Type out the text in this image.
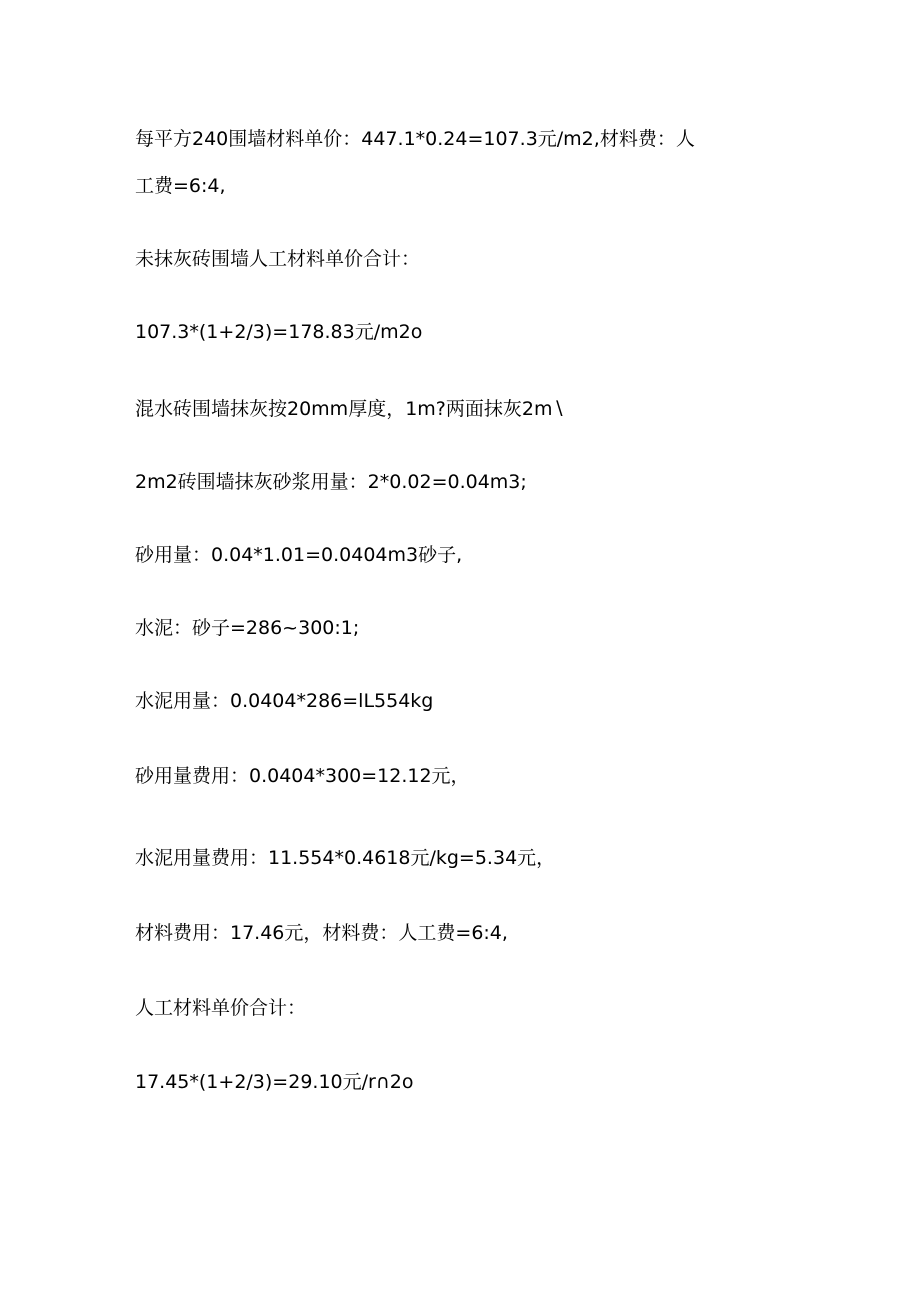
每平方240围墙材料单价：447.1*0.24=107.3元/m2,材料费：人

工费=6:4,

未抹灰砖围墙人工材料单价合计：

107.3*(1+2/3)=178.83元/m2o

混水砖围墙抹灰按20mm厚度，1m?两面抹灰2m∖

2m2砖围墙抹灰砂浆用量：2*0.02=0.04m3;

砂用量：0.04*1.01=0.0404m3砂子,

水泥：砂子=286~300:1;

水泥用量：0.0404*286=lL554kg

砂用量费用：0.0404*300=12.12元，

水泥用量费用：11.554*0.4618元/kg=5.34元，

材料费用：17.46元，材料费：人工费=6:4,

人工材料单价合计：

17.45*(1+2/3)=29.10元/r∩2o
